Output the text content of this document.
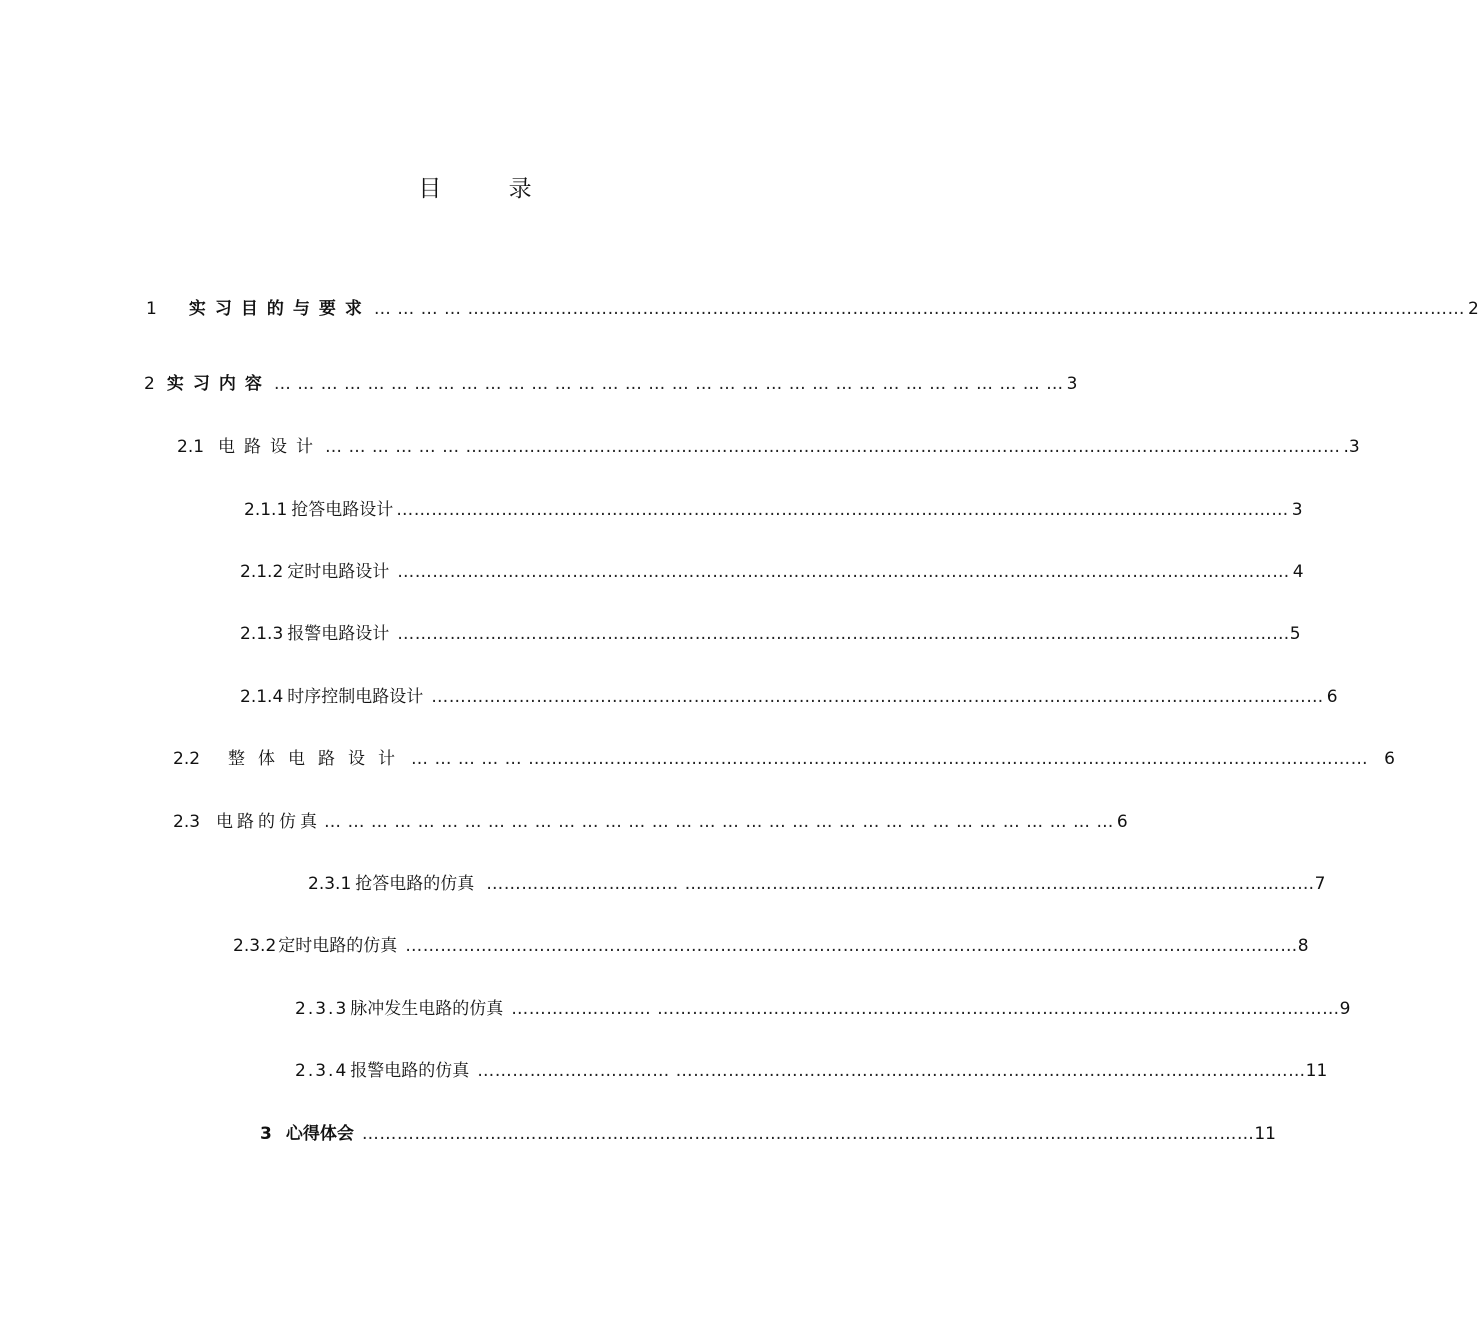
目 录
1 实习目的与要求 … … … … ……………………………………………………………………………………………………………………………………………………… 2
2 实习内容 … … … … … … … … … … … … … … … … … … … … … … … … … … … … … … … … … … 3
2.1 电路设计 … … … … … … …………………………………………………………………………………………………………………………………… .3
2.1.1 抢答电路设计 ……………………………………………………………………………………………………………………………………… 3
2.1.2 定时电路设计 ……………………………………………………………………………………………………………………………………… 4
2.1.3 报警电路设计 ……………………………………………………………………………………………………………………………………… 5
2.1.4 时序控制电路设计 ……………………………………………………………………………………………………………………………………… 6
2.2 整体电路设计 … … … … … ……………………………………………………………………………………………………………………………… 6
2.3 电路的仿真 … … … … … … … … … … … … … … … … … … … … … … … … … … … … … … … … … … 6
2.3.1 抢答电路的仿真 …………………………… ……………………………………………………………………………………………… 7
2.3.2 定时电路的仿真 ……………………………………………………………………………………………………………………………………… 8
2.3.3 脉冲发生电路的仿真 …………………… ……………………………………………………………………………………………………… 9
2.3.4 报警电路的仿真 …………………………… ……………………………………………………………………………………………… 11
3 心得体会 ……………………………………………………………………………………………………………………………………… 11
